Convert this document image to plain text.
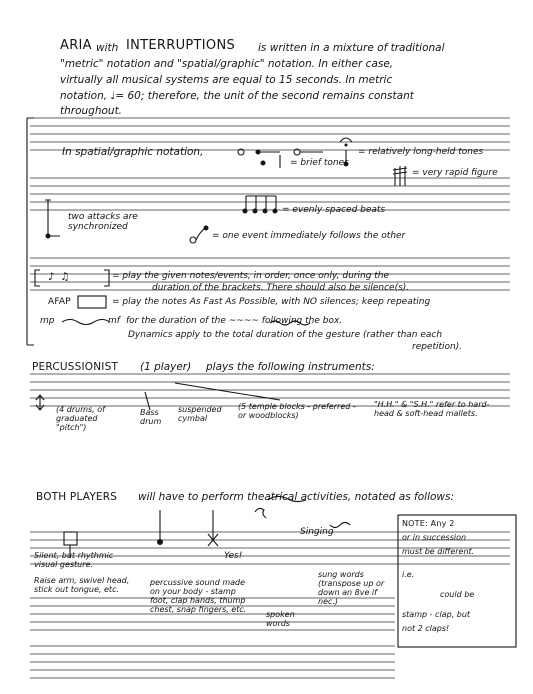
ARIA with INTERRUPTIONS is written in a mixture of traditional
"metric" notation and "spatial/graphic" notation. In either case,
virtually all musical systems are equal to 15 seconds. In metric
notation, ♩= 60; therefore, the unit of the second remains constant
throughout.
In spatial/graphic notation,	= relatively long-held tones
= brief tones
= very rapid figure
two attacks are synchronized
= evenly spaced beats
= one event immediately follows the other
♪ ♫	= play the given notes/events, in order, once only, during the
duration of the brackets. There should also be silence(s).
AFAP	= play the notes As Fast As Possible, with NO silences; keep repeating
mp	mf for the duration of the ~~~~ following the box.
Dynamics apply to the total duration of the gesture (rather than each
repetition).
PERCUSSIONIST (1 player) plays the following instruments:
(4 drums, of graduated "pitch")
Bass drum
suspended cymbal
(5 temple blocks - preferred - or woodblocks)
"H.H." & "S.H." refer to hard-head & soft-head mallets.
BOTH PLAYERS will have to perform theatrical activities, notated as follows:
Silent, but rhythmic visual gesture.
Raise arm, swivel head, stick out tongue, etc.
percussive sound made on your body - stamp foot, clap hands, thump chest, snap fingers, etc.
Yes!
spoken words
Singing
sung words (transpose up or down an 8ve if nec.)
NOTE: Any 2
or in succession
must be different.
i.e.
could be
stamp - clap, but
not 2 claps!
